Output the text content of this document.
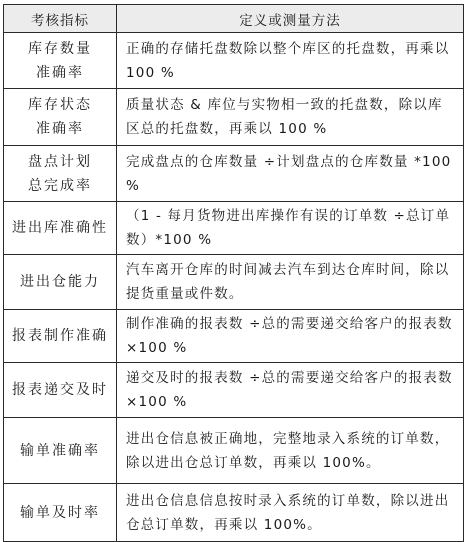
考核指标	定义或测量方法

库存数量
准确率	正确的存储托盘数除以整个库区的托盘数，再乘以 100 %

库存状态
准确率	质量状态 & 库位与实物相一致的托盘数，除以库区总的托盘数，再乘以 100 %

盘点计划
总完成率	完成盘点的仓库数量 ÷计划盘点的仓库数量 *100 %

进出库准确性	（1 - 每月货物进出库操作有误的订单数 ÷总订单数）*100 %

进出仓能力	汽车离开仓库的时间减去汽车到达仓库时间，除以提货重量或件数。

报表制作准确	制作准确的报表数 ÷总的需要递交给客户的报表数 ×100 %

报表递交及时	递交及时的报表数 ÷总的需要递交给客户的报表数 ×100 %

输单准确率	进出仓信息被正确地，完整地录入系统的订单数，除以进出仓总订单数，再乘以 100%。

输单及时率	进出仓信息信息按时录入系统的订单数，除以进出仓总订单数，再乘以 100%。
